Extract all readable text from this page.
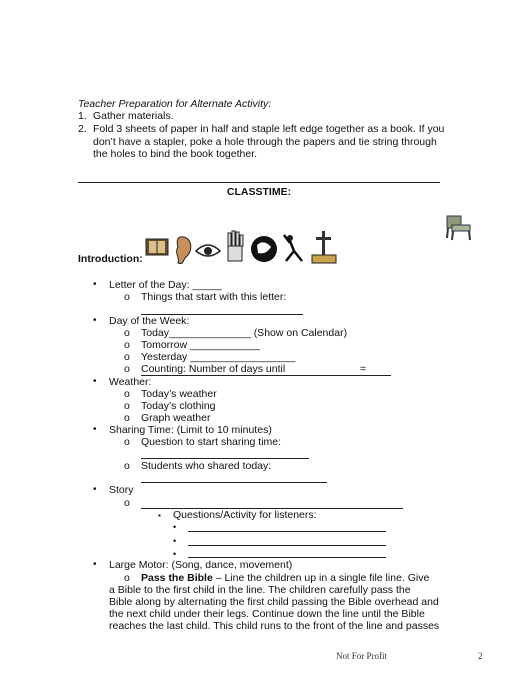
Teacher Preparation for Alternate Activity:
1. Gather materials.
2. Fold 3 sheets of paper in half and staple left edge together as a book. If you don’t have a stapler, poke a hole through the papers and tie string through the holes to bind the book together.
CLASSTIME:
Introduction:
• Letter of the Day: _____
o Things that start with this letter:
• Day of the Week:
o Today______________ (Show on Calendar)
o Tomorrow ____________
o Yesterday __________________
o Counting: Number of days until	=
• Weather:
o Today’s weather
o Today’s clothing
o Graph weather
• Sharing Time: (Limit to 10 minutes)
o Question to start sharing time:
o Students who shared today:
• Story
o
▪ Questions/Activity for listeners:
•
•
•
• Large Motor: (Song, dance, movement)
o Pass the Bible – Line the children up in a single file line. Give
a Bible to the first child in the line. The children carefully pass the
Bible along by alternating the first child passing the Bible overhead and
the next child under their legs. Continue down the line until the Bible
reaches the last child. This child runs to the front of the line and passes
Not For Profit	2
